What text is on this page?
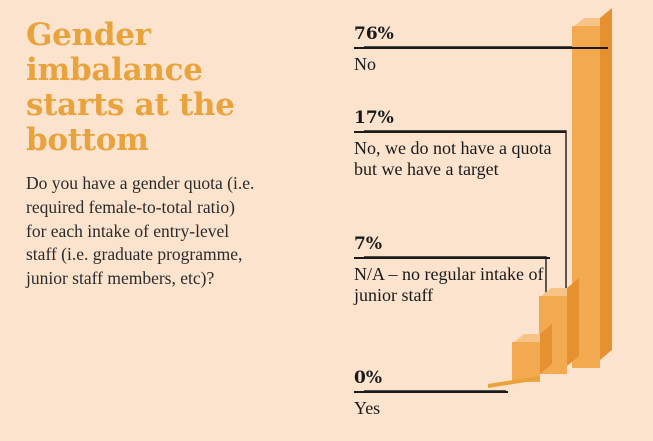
Gender imbalance starts at the bottom

Do you have a gender quota (i.e. required female-to-total ratio) for each intake of entry-level staff (i.e. graduate programme, junior staff members, etc)?

76%
No
17%
No, we do not have a quota but we have a target
7%
N/A – no regular intake of junior staff
0%
Yes
